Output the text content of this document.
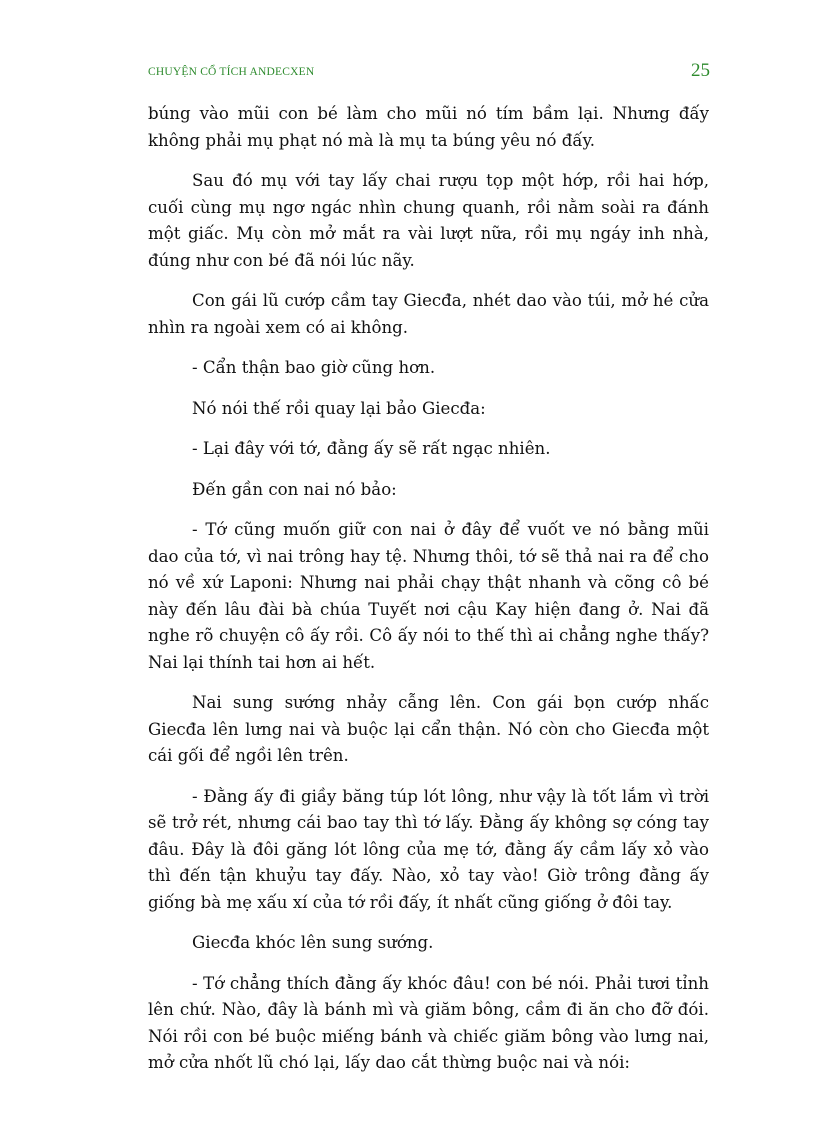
CHUYỆN CỔ TÍCH ANDECXEN	25

búng vào mũi con bé làm cho mũi nó tím bầm lại. Nhưng đấy không phải mụ phạt nó mà là mụ ta búng yêu nó đấy.

Sau đó mụ với tay lấy chai rượu tọp một hớp, rồi hai hớp, cuối cùng mụ ngơ ngác nhìn chung quanh, rồi nằm soài ra đánh một giấc. Mụ còn mở mắt ra vài lượt nữa, rồi mụ ngáy inh nhà, đúng như con bé đã nói lúc nãy.

Con gái lũ cướp cầm tay Giecđa, nhét dao vào túi, mở hé cửa nhìn ra ngoài xem có ai không.

- Cẩn thận bao giờ cũng hơn.

Nó nói thế rồi quay lại bảo Giecđa:

- Lại đây với tớ, đằng ấy sẽ rất ngạc nhiên.

Đến gần con nai nó bảo:

- Tớ cũng muốn giữ con nai ở đây để vuốt ve nó bằng mũi dao của tớ, vì nai trông hay tệ. Nhưng thôi, tớ sẽ thả nai ra để cho nó về xứ Laponi: Nhưng nai phải chạy thật nhanh và cõng cô bé này đến lâu đài bà chúa Tuyết nơi cậu Kay hiện đang ở. Nai đã nghe rõ chuyện cô ấy rồi. Cô ấy nói to thế thì ai chẳng nghe thấy? Nai lại thính tai hơn ai hết.

Nai sung sướng nhảy cẫng lên. Con gái bọn cướp nhấc Giecđa lên lưng nai và buộc lại cẩn thận. Nó còn cho Giecđa một cái gối để ngồi lên trên.

- Đằng ấy đi giầy băng túp lót lông, như vậy là tốt lắm vì trời sẽ trở rét, nhưng cái bao tay thì tớ lấy. Đằng ấy không sợ cóng tay đâu. Đây là đôi găng lót lông của mẹ tớ, đằng ấy cầm lấy xỏ vào thì đến tận khuỷu tay đấy. Nào, xỏ tay vào! Giờ trông đằng ấy giống bà mẹ xấu xí của tớ rồi đấy, ít nhất cũng giống ở đôi tay.

Giecđa khóc lên sung sướng.

- Tớ chẳng thích đằng ấy khóc đâu! con bé nói. Phải tươi tỉnh lên chứ. Nào, đây là bánh mì và giăm bông, cầm đi ăn cho đỡ đói. Nói rồi con bé buộc miếng bánh và chiếc giăm bông vào lưng nai, mở cửa nhốt lũ chó lại, lấy dao cắt thừng buộc nai và nói:
